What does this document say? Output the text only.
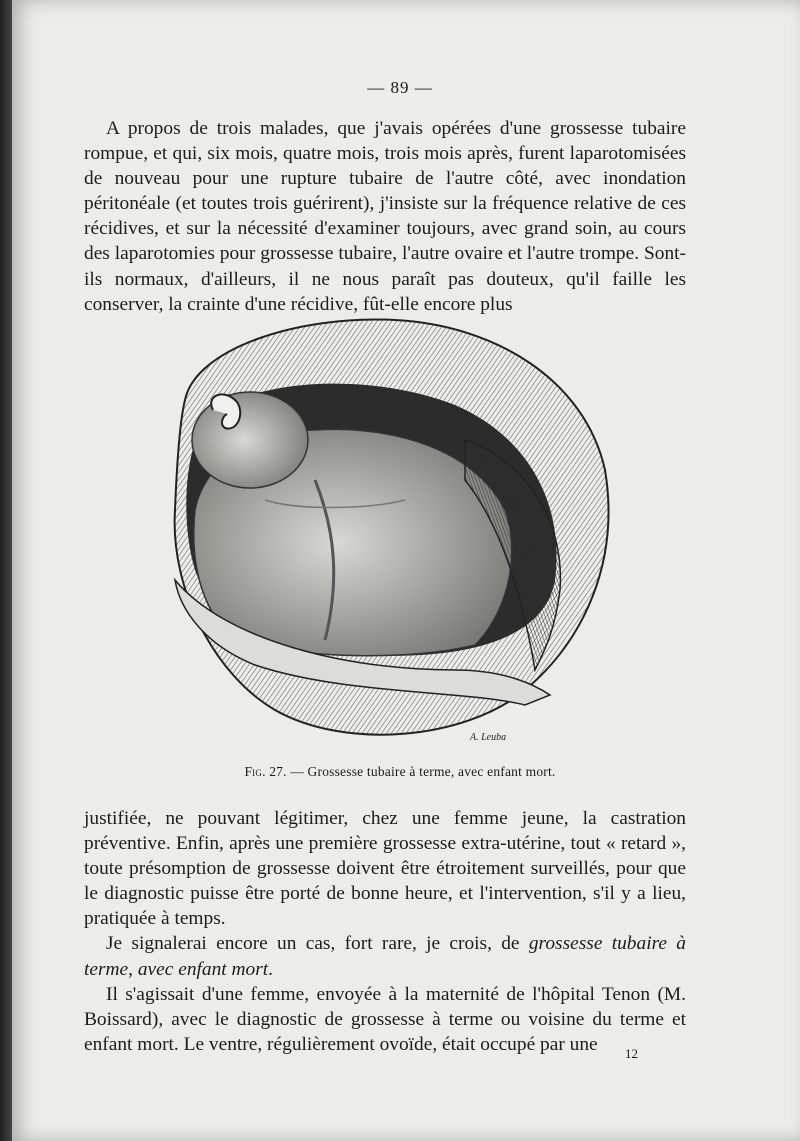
— 89 —

A propos de trois malades, que j'avais opérées d'une grossesse tubaire rompue, et qui, six mois, quatre mois, trois mois après, furent laparotomisées de nouveau pour une rupture tubaire de l'autre côté, avec inondation péritonéale (et toutes trois guérirent), j'insiste sur la fréquence relative de ces récidives, et sur la nécessité d'examiner toujours, avec grand soin, au cours des laparotomies pour grossesse tubaire, l'autre ovaire et l'autre trompe. Sont-ils normaux, d'ailleurs, il ne nous paraît pas douteux, qu'il faille les conserver, la crainte d'une récidive, fût-elle encore plus

A. Leuba
Fig. 27. — Grossesse tubaire à terme, avec enfant mort.

justifiée, ne pouvant légitimer, chez une femme jeune, la castration préventive. Enfin, après une première grossesse extra-utérine, tout « retard », toute présomption de grossesse doivent être étroitement surveillés, pour que le diagnostic puisse être porté de bonne heure, et l'intervention, s'il y a lieu, pratiquée à temps.

Je signalerai encore un cas, fort rare, je crois, de grossesse tubaire à terme, avec enfant mort.

Il s'agissait d'une femme, envoyée à la maternité de l'hôpital Tenon (M. Boissard), avec le diagnostic de grossesse à terme ou voisine du terme et enfant mort. Le ventre, régulièrement ovoïde, était occupé par une	12
